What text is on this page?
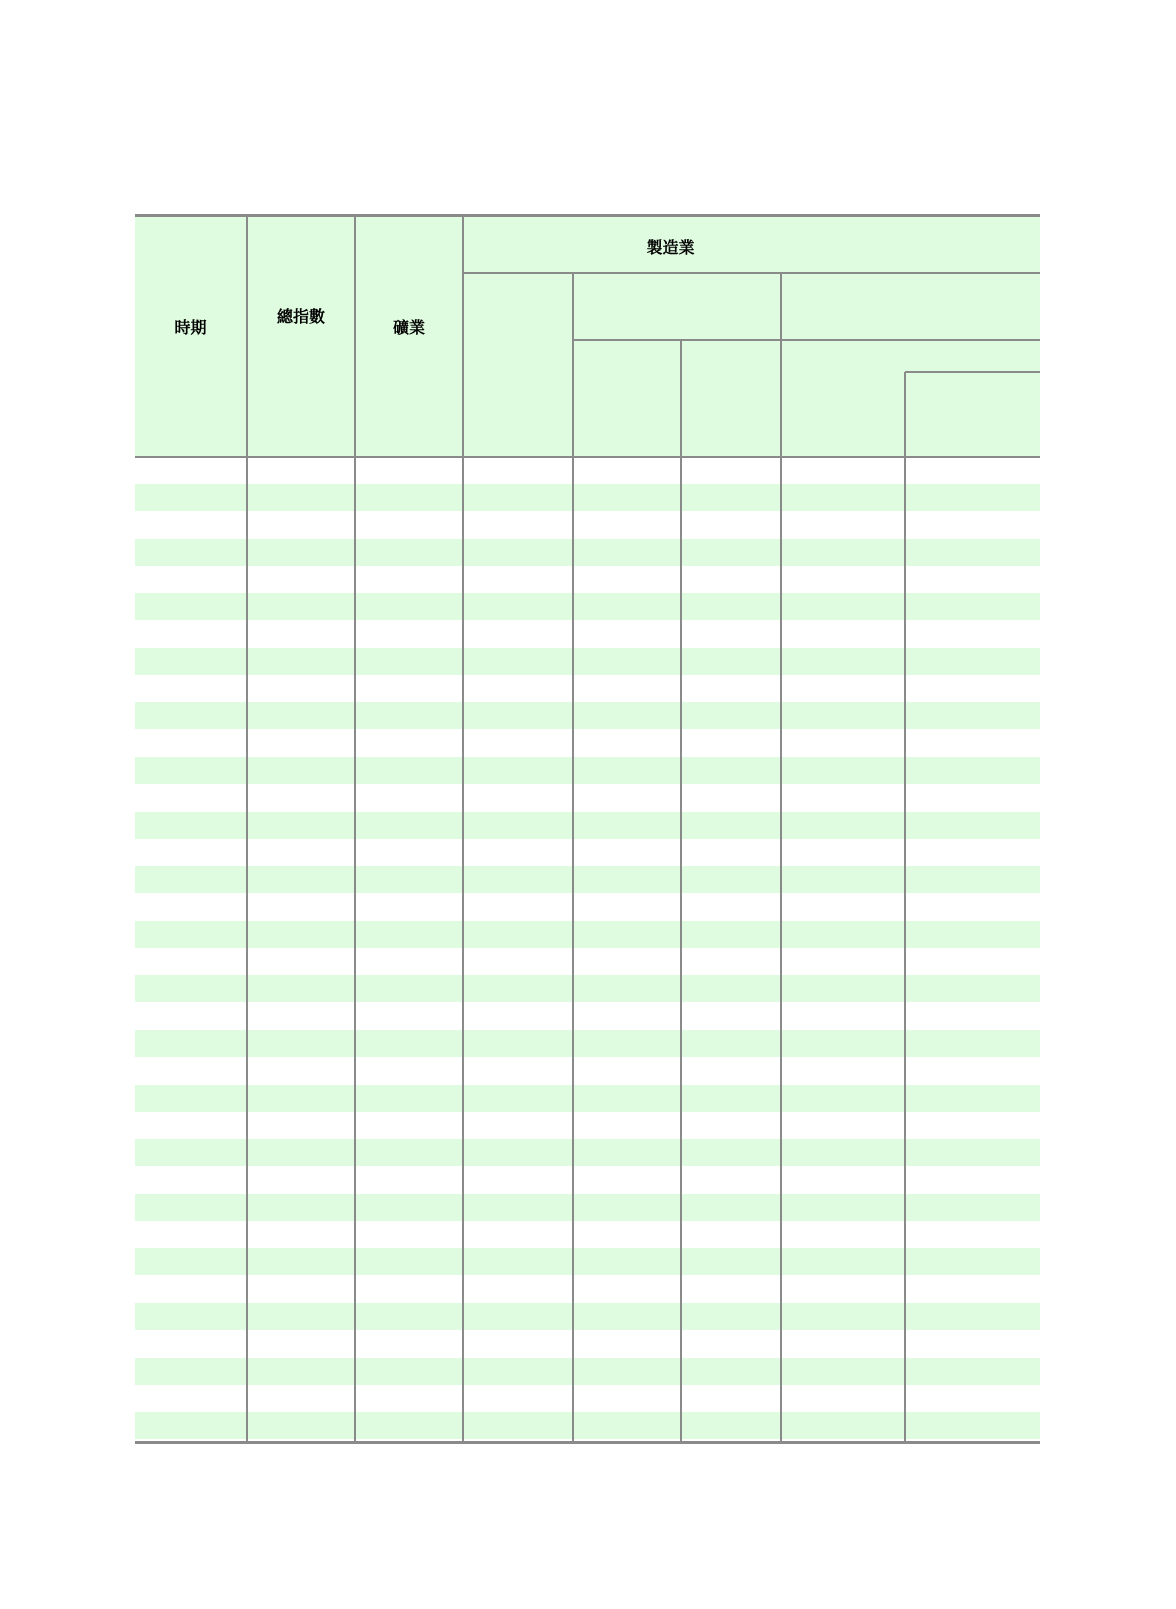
時期
總指數
礦業
製造業
